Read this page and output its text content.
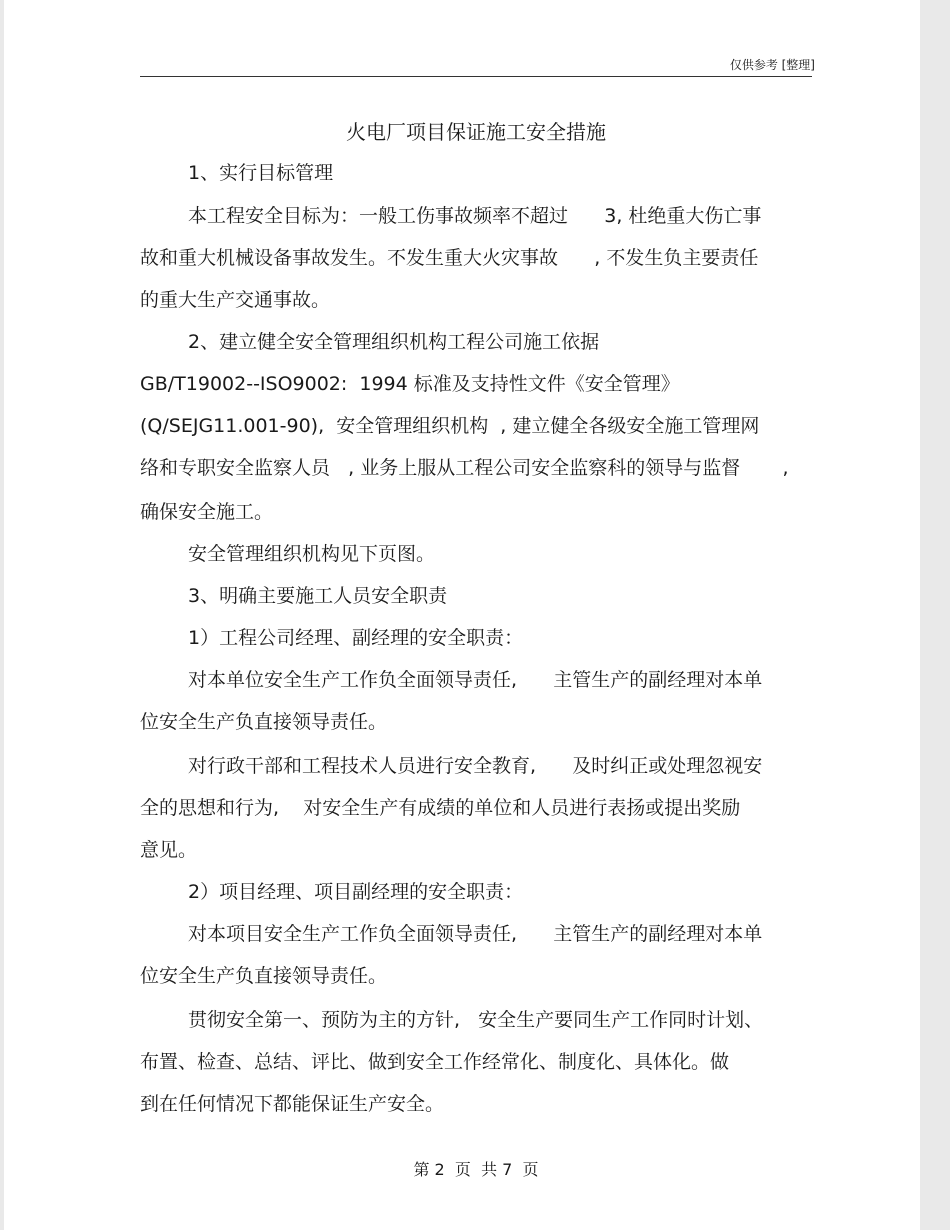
仅供参考 [整理]
火电厂项目保证施工安全措施
1、实行目标管理
本工程安全目标为：一般工伤事故频率不超过      3, 杜绝重大伤亡事
故和重大机械设备事故发生。不发生重大火灾事故      , 不发生负主要责任
的重大生产交通事故。
2、建立健全安全管理组织机构工程公司施工依据
GB/T19002--ISO9002:  1994 标准及支持性文件《安全管理》
(Q/SEJG11.001-90),  安全管理组织机构  , 建立健全各级安全施工管理网
络和专职安全监察人员   , 业务上服从工程公司安全监察科的领导与监督       ,
确保安全施工。
安全管理组织机构见下页图。
3、明确主要施工人员安全职责
1）工程公司经理、副经理的安全职责：
对本单位安全生产工作负全面领导责任,      主管生产的副经理对本单
位安全生产负直接领导责任。
对行政干部和工程技术人员进行安全教育,      及时纠正或处理忽视安
全的思想和行为,    对安全生产有成绩的单位和人员进行表扬或提出奖励
意见。
2）项目经理、项目副经理的安全职责：
对本项目安全生产工作负全面领导责任,      主管生产的副经理对本单
位安全生产负直接领导责任。
贯彻安全第一、预防为主的方针,   安全生产要同生产工作同时计划、
布置、检查、总结、评比、做到安全工作经常化、制度化、具体化。做
到在任何情况下都能保证生产安全。
第 2  页  共 7  页
